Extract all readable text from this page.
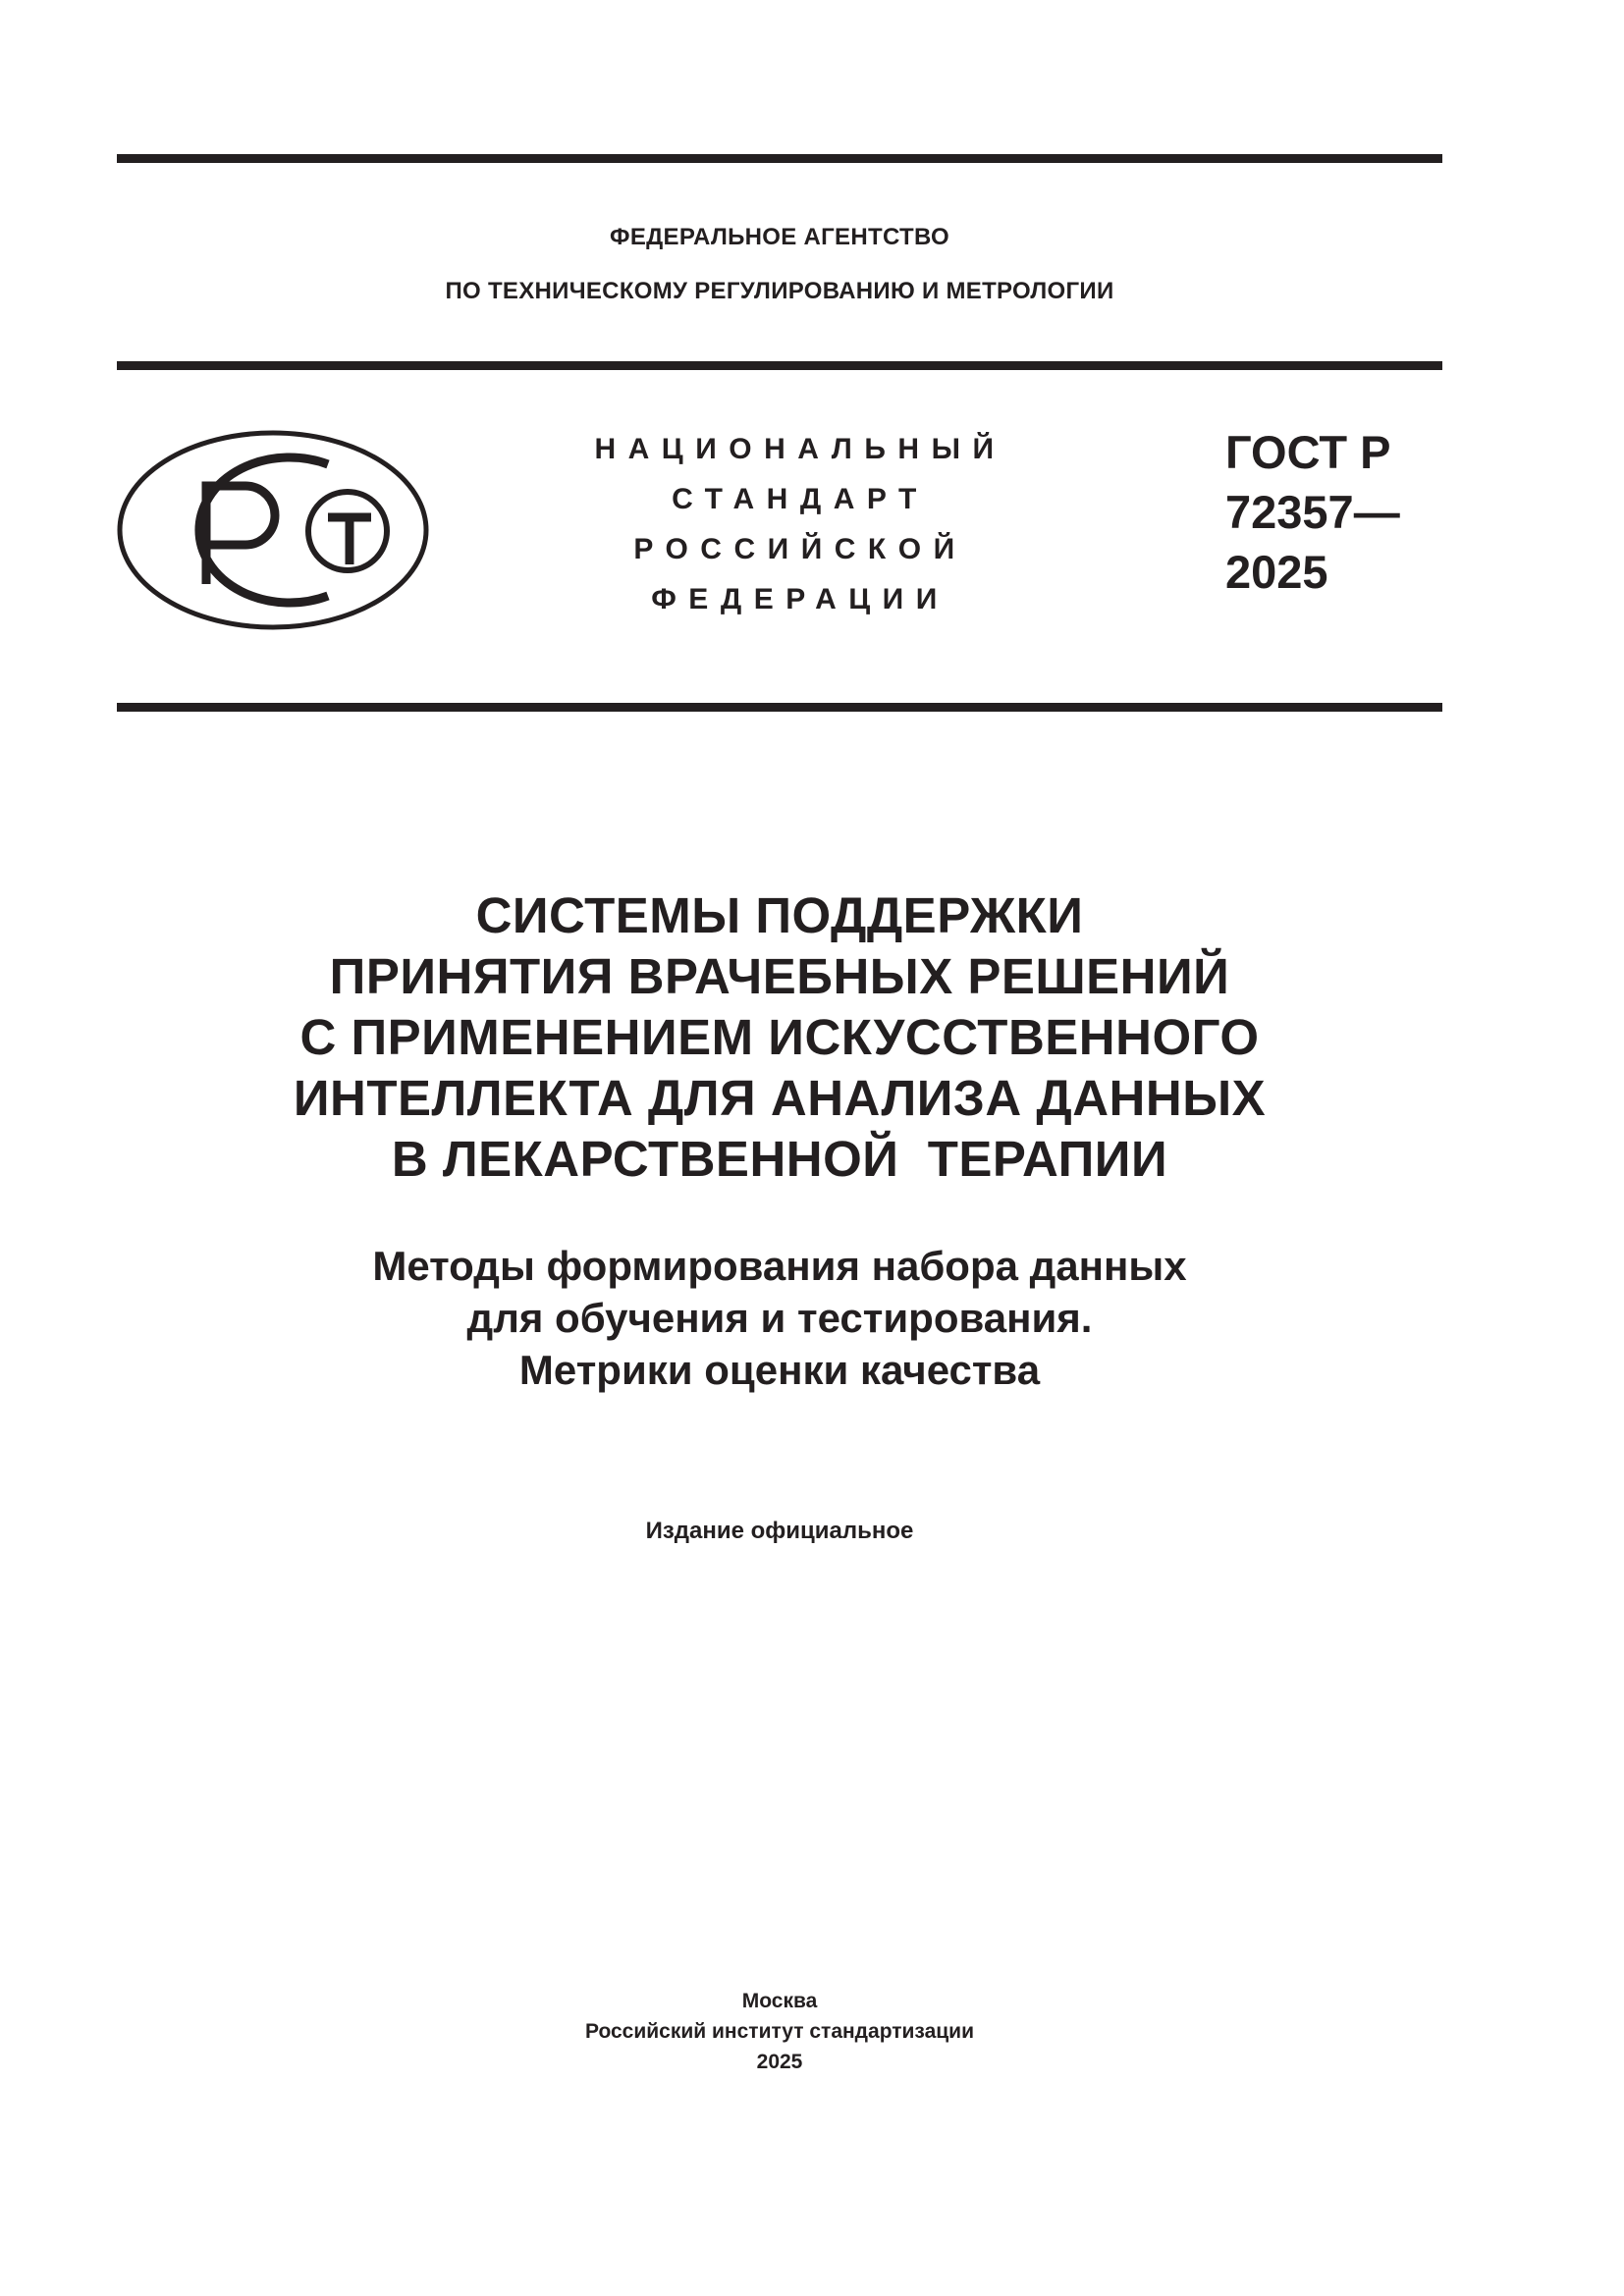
ФЕДЕРАЛЬНОЕ АГЕНТСТВО
ПО ТЕХНИЧЕСКОМУ РЕГУЛИРОВАНИЮ И МЕТРОЛОГИИ
НАЦИОНАЛЬНЫЙ
СТАНДАРТ
РОССИЙСКОЙ
ФЕДЕРАЦИИ
ГОСТ Р
72357—
2025
СИСТЕМЫ ПОДДЕРЖКИ
ПРИНЯТИЯ ВРАЧЕБНЫХ РЕШЕНИЙ
С ПРИМЕНЕНИЕМ ИСКУССТВЕННОГО
ИНТЕЛЛЕКТА ДЛЯ АНАЛИЗА ДАННЫХ
В ЛЕКАРСТВЕННОЙ  ТЕРАПИИ
Методы формирования набора данных
для обучения и тестирования.
Метрики оценки качества
Издание официальное
Москва
Российский институт стандартизации
2025
